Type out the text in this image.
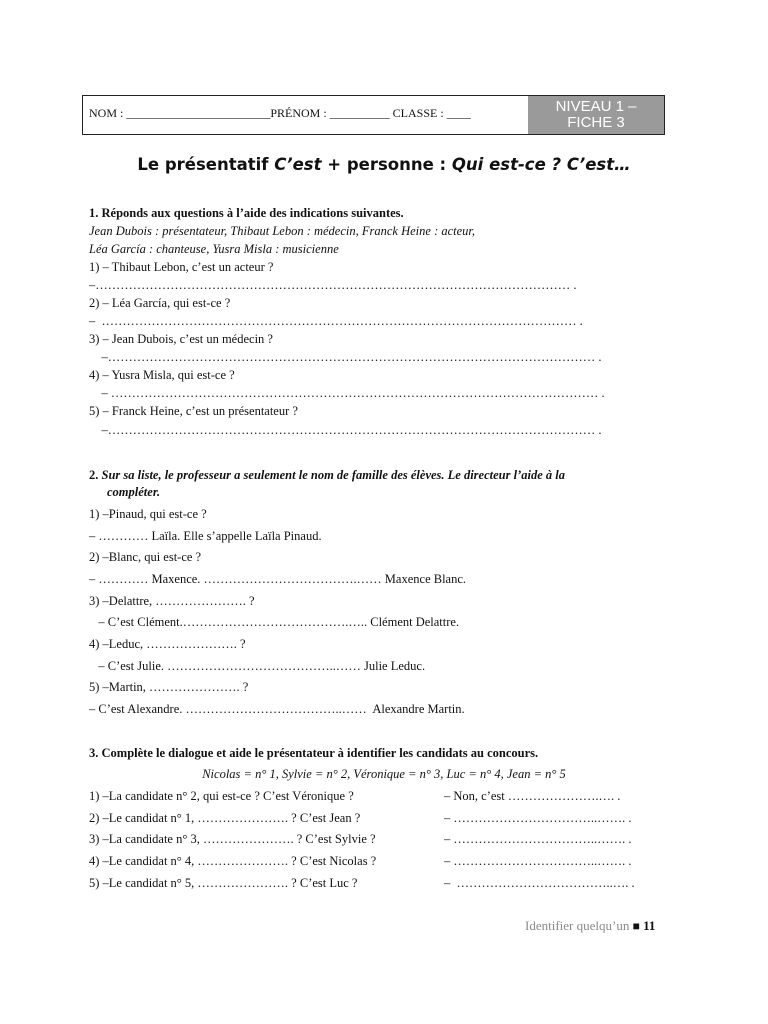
NOM : ________________________PRÉNOM : __________ CLASSE : ____	NIVEAU 1 –
FICHE 3
Le présentatif C’est + personne : Qui est-ce ? C’est…
1. Réponds aux questions à l’aide des indications suivantes.
Jean Dubois : présentateur, Thibaut Lebon : médecin, Franck Heine : acteur,
Léa García : chanteuse, Yusra Misla : musicienne
1) – Thibaut Lebon, c’est un acteur ?
–…………………………………………………………………………………………………… .
2) – Léa García, qui est-ce ?
–  …………………………………………………………………………………………………… .
3) – Jean Dubois, c’est un médecin ?
–……………………………………………………………………………………………………… .
4) – Yusra Misla, qui est-ce ?
– ……………………………………………………………………………………………………… .
5) – Franck Heine, c’est un présentateur ?
–……………………………………………………………………………………………………… .
2. Sur sa liste, le professeur a seulement le nom de famille des élèves. Le directeur l’aide à la
compléter.
1) –Pinaud, qui est-ce ?
– ………… Laïla. Elle s’appelle Laïla Pinaud.
2) –Blanc, qui est-ce ?
– ………… Maxence. ……………………………….…… Maxence Blanc.
3) –Delattre, …………………. ?
– C’est Clément.………………………………….….. Clément Delattre.
4) –Leduc, …………………. ?
– C’est Julie. …………………………………..…… Julie Leduc.
5) –Martin, …………………. ?
– C’est Alexandre. ………………………………..……  Alexandre Martin.
3. Complète le dialogue et aide le présentateur à identifier les candidats au concours.
Nicolas = n° 1, Sylvie = n° 2, Véronique = n° 3, Luc = n° 4, Jean = n° 5
1) –La candidate n° 2, qui est-ce ? C’est Véronique ?	– Non, c’est ………………….…. .
2) –Le candidat n° 1, …………………. ? C’est Jean ?	– ……………………………..……. .
3) –La candidate n° 3, …………………. ? C’est Sylvie ?	– ……………………………..……. .
4) –Le candidat n° 4, …………………. ? C’est Nicolas ?	– ……………………………..……. .
5) –Le candidat n° 5, …………………. ? C’est Luc ?	–  ………………………………..…. .
Identifier quelqu’un ■ 11
